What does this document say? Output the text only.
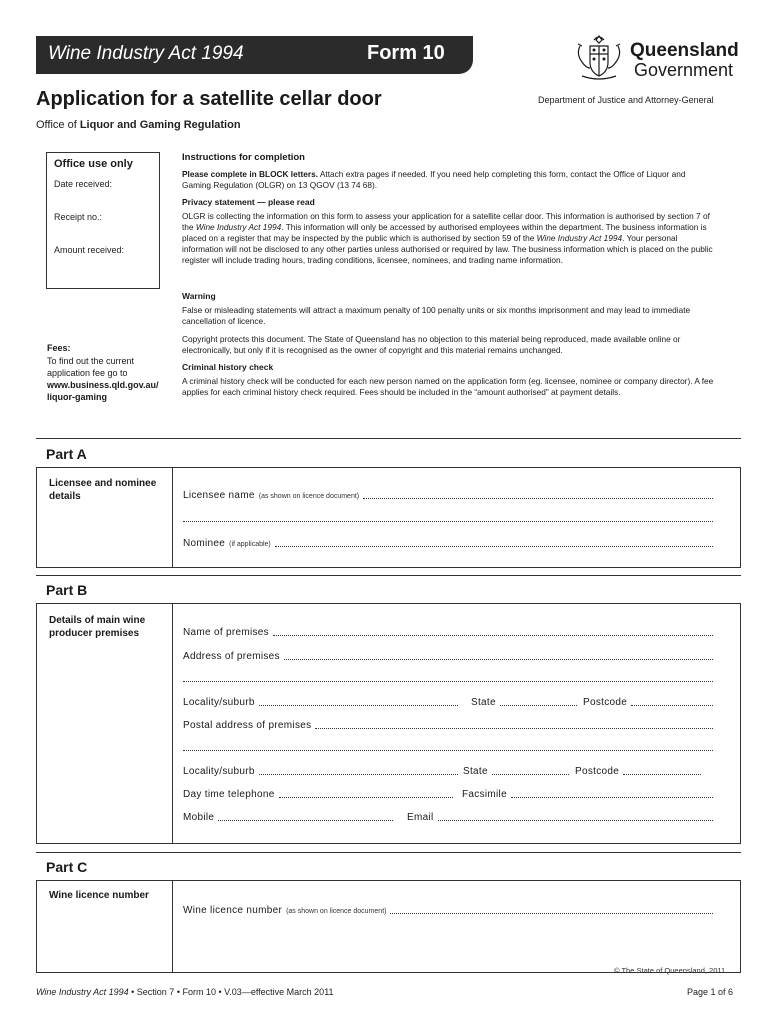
Wine Industry Act 1994	Form 10	Queensland
Government
Application for a satellite cellar door	Department of Justice and Attorney-General
Office of Liquor and Gaming Regulation
Office use only
Date received:
Receipt no.:
Amount received:
Fees:
To find out the current application fee go to
www.business.qld.gov.au/ liquor-gaming
Instructions for completion
Please complete in BLOCK letters. Attach extra pages if needed. If you need help completing this form, contact the Office of Liquor and Gaming Regulation (OLGR) on 13 QGOV (13 74 68).
Privacy statement — please read
OLGR is collecting the information on this form to assess your application for a satellite cellar door. This information is authorised by section 7 of the Wine Industry Act 1994. This information will only be accessed by authorised employees within the department. The business information is placed on a register that may be inspected by the public which is authorised by section 59 of the Wine Industry Act 1994. Your personal information will not be disclosed to any other parties unless authorised or required by law. The business information which is placed on the public register will include trading hours, trading conditions, licensee, nominees, and trading name information.
Warning
False or misleading statements will attract a maximum penalty of 100 penalty units or six months imprisonment and may lead to immediate cancellation of licence.
Copyright protects this document. The State of Queensland has no objection to this material being reproduced, made available online or electronically, but only if it is recognised as the owner of copyright and this material remains unchanged.
Criminal history check
A criminal history check will be conducted for each new person named on the application form (eg. licensee, nominee or company director). A fee applies for each criminal history check required. Fees should be included in the “amount authorised” at payment details.
Part A
Licensee and nominee details	Licensee name (as shown on licence document)
Nominee (if applicable)
Part B
Details of main wine producer premises	Name of premises
Address of premises
Locality/suburb	State	Postcode
Postal address of premises
Locality/suburb	State	Postcode
Day time telephone	Facsimile
Mobile	Email
Part C
Wine licence number
Wine licence number (as shown on licence document)
© The State of Queensland, 2011
Wine Industry Act 1994 • Section 7 • Form 10 • V.03—effective March 2011	Page 1 of 6
